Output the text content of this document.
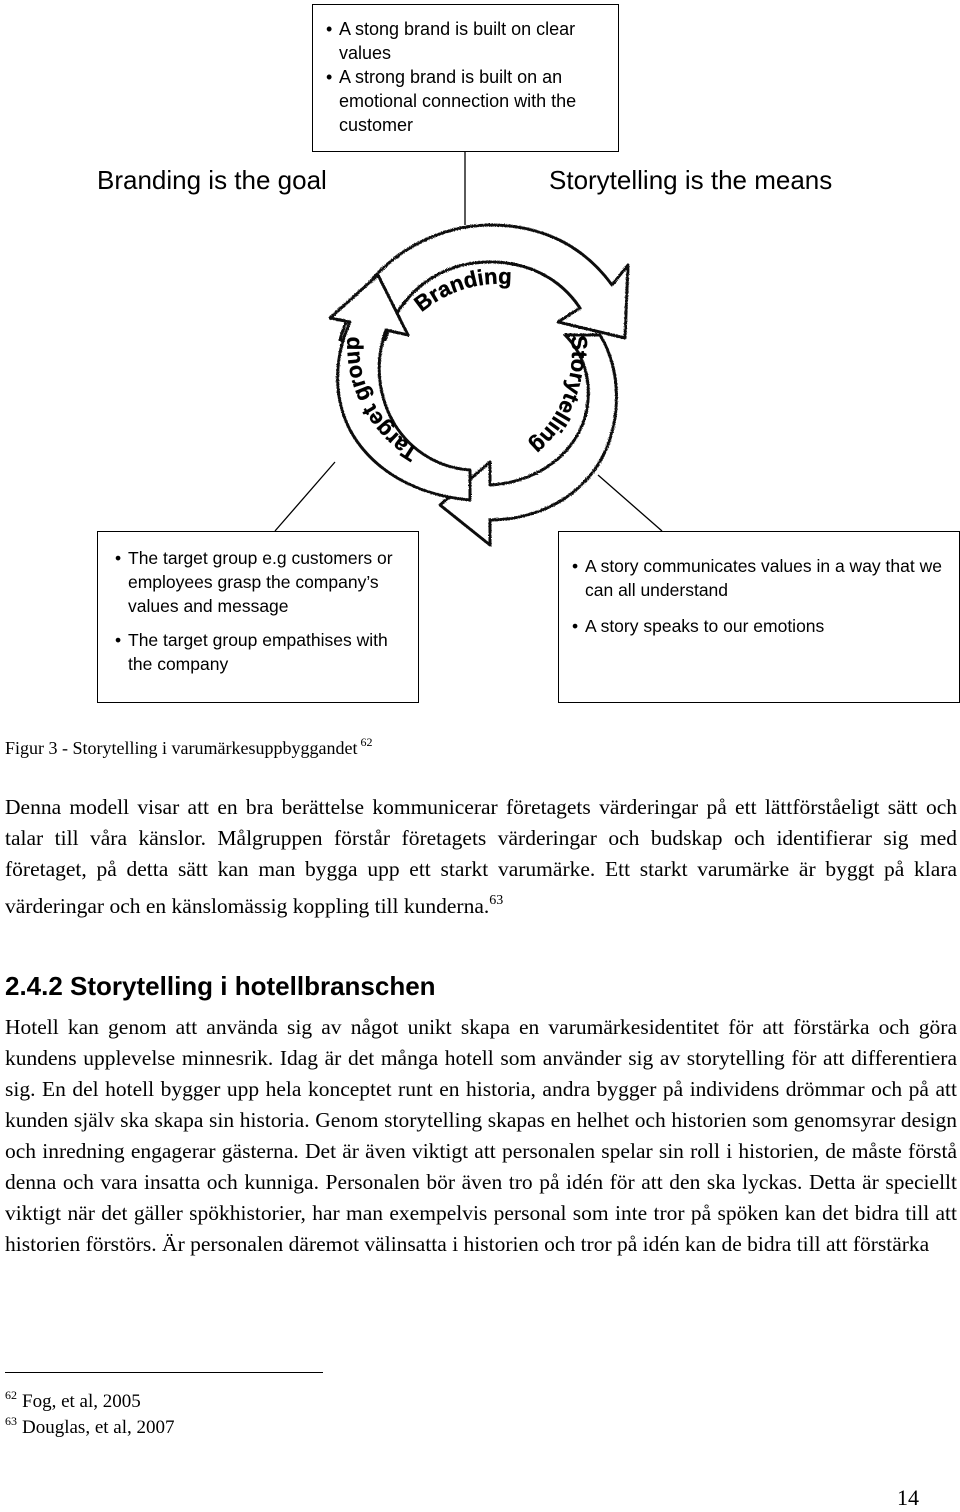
Branding
Storytelling
Target group
• A stong brand is built on clear values
• A strong brand is built on an emotional connection with the customer
Branding is the goal	Storytelling is the means
• The target group e.g customers or employees grasp the company’s values and message
• The target group empathises with the company
• A story communicates values in a way that we can all understand
• A story speaks to our emotions
Figur 3 - Storytelling i varumärkesuppbyggandet $^{62}$

Denna modell visar att en bra berättelse kommunicerar företagets värderingar på ett lättförståeligt sätt och talar till våra känslor. Målgruppen förstår företagets värderingar och budskap och identifierar sig med företaget, på detta sätt kan man bygga upp ett starkt varumärke. Ett starkt varumärke är byggt på klara värderingar och en känslomässig koppling till kunderna.$^{63}$

2.4.2 Storytelling i hotellbranschen

Hotell kan genom att använda sig av något unikt skapa en varumärkesidentitet för att förstärka och göra kundens upplevelse minnesrik. Idag är det många hotell som använder sig av storytelling för att differentiera sig. En del hotell bygger upp hela konceptet runt en historia, andra bygger på individens drömmar och på att kunden själv ska skapa sin historia. Genom storytelling skapas en helhet och historien som genomsyrar design och inredning engagerar gästerna. Det är även viktigt att personalen spelar sin roll i historien, de måste förstå denna och vara insatta och kunniga. Personalen bör även tro på idén för att den ska lyckas. Detta är speciellt viktigt när det gäller spökhistorier, har man exempelvis personal som inte tror på spöken kan det bidra till att historien förstörs. Är personalen däremot välinsatta i historien och tror på idén kan de bidra till att förstärka

$^{62}$ Fog, et al, 2005
$^{63}$ Douglas, et al, 2007
14
